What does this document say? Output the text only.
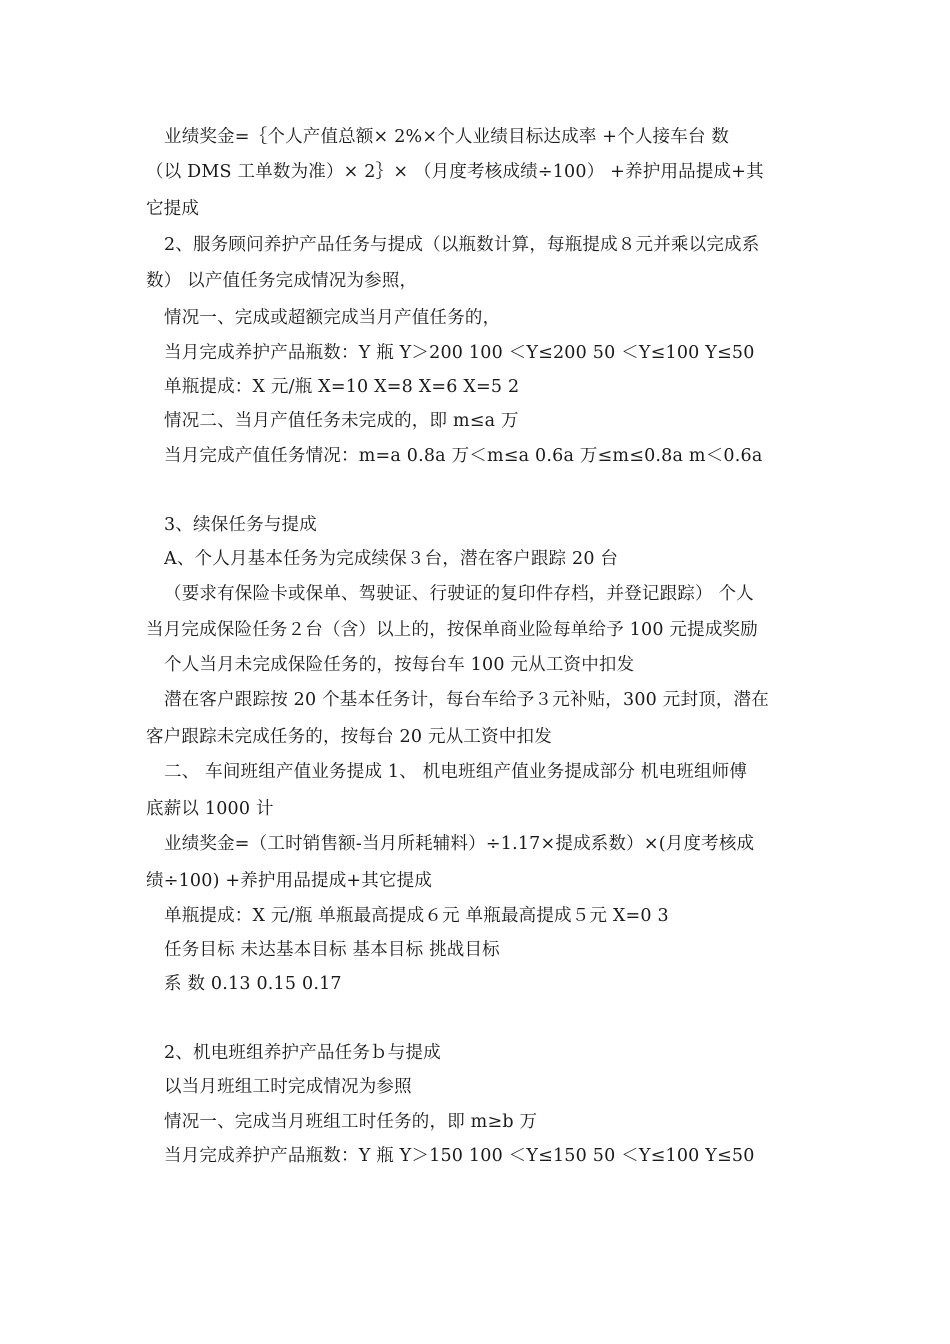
业绩奖金=｛个人产值总额× 2%×个人业绩目标达成率 +个人接车台 数
（以 DMS 工单数为准）× 2｝× （月度考核成绩÷100） +养护用品提成+其
它提成
2、服务顾问养护产品任务与提成（以瓶数计算，每瓶提成８元并乘以完成系
数） 以产值任务完成情况为参照，
情况一、完成或超额完成当月产值任务的，
当月完成养护产品瓶数：Y 瓶 Y＞200 100 ＜Y≤200 50 ＜Y≤100 Y≤50
单瓶提成：X 元/瓶 X=10 X=8 X=6 X=5 2
情况二、当月产值任务未完成的，即 m≤a 万
当月完成产值任务情况：m=a 0.8a 万＜m≤a 0.6a 万≤m≤0.8a m＜0.6a
3、续保任务与提成
A、个人月基本任务为完成续保３台，潜在客户跟踪 20 台
（要求有保险卡或保单、驾驶证、行驶证的复印件存档，并登记跟踪） 个人
当月完成保险任务２台（含）以上的，按保单商业险每单给予 100 元提成奖励
个人当月未完成保险任务的，按每台车 100 元从工资中扣发
潜在客户跟踪按 20 个基本任务计，每台车给予３元补贴，300 元封顶，潜在
客户跟踪未完成任务的，按每台 20 元从工资中扣发
二、 车间班组产值业务提成 1、 机电班组产值业务提成部分 机电班组师傅
底薪以 1000 计
业绩奖金=（工时销售额-当月所耗辅料）÷1.17×提成系数）×(月度考核成
绩÷100) +养护用品提成+其它提成
单瓶提成：X 元/瓶 单瓶最高提成６元 单瓶最高提成５元 X=0 3
任务目标 未达基本目标 基本目标 挑战目标
系 数 0.13 0.15 0.17
2、机电班组养护产品任务ｂ与提成
以当月班组工时完成情况为参照
情况一、完成当月班组工时任务的，即 m≥b 万
当月完成养护产品瓶数：Y 瓶 Y＞150 100 ＜Y≤150 50 ＜Y≤100 Y≤50
